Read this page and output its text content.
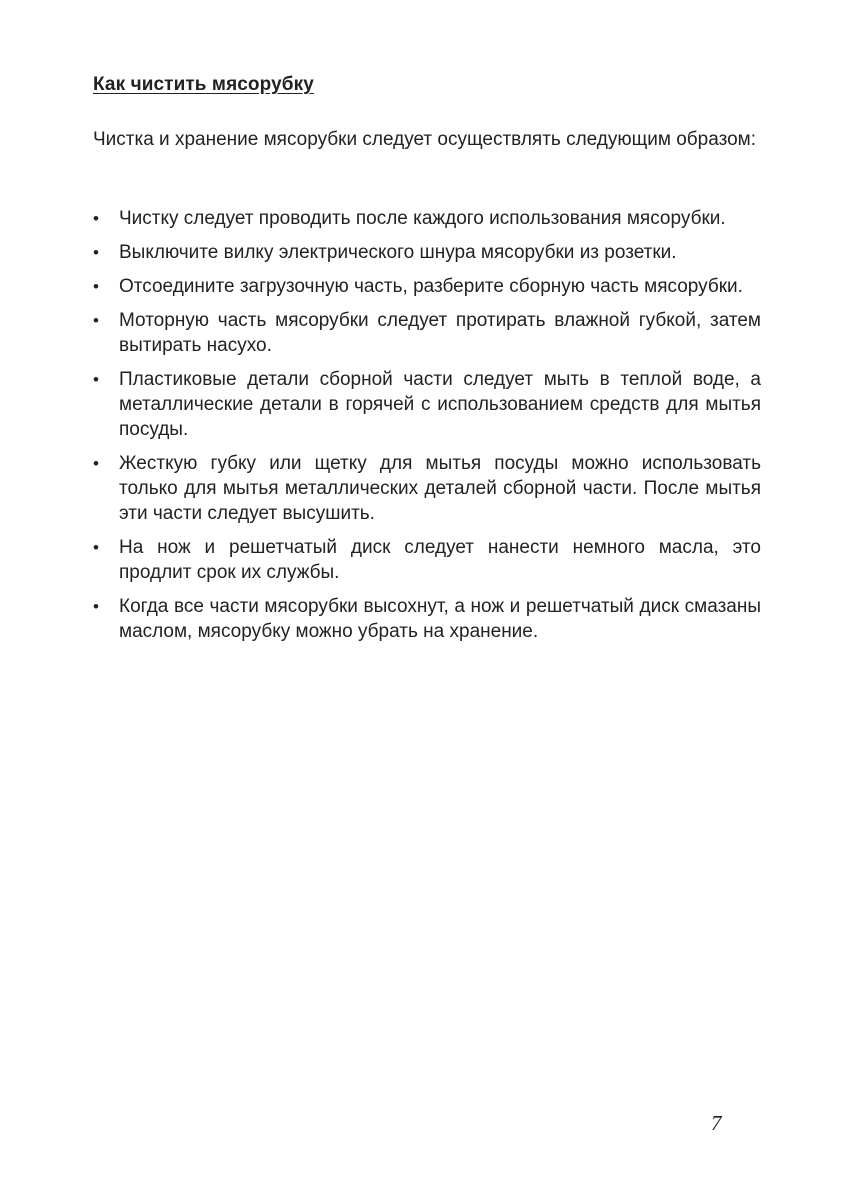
Как чистить мясорубку
Чистка и хранение мясорубки следует осуществлять следующим образом:
•	Чистку следует проводить после каждого использования мясорубки.
•	Выключите вилку электрического шнура мясорубки из розетки.
•	Отсоедините загрузочную часть, разберите сборную часть мясорубки.
•	Моторную часть мясорубки следует протирать влажной губкой, затем вытирать насухо.
•	Пластиковые детали сборной части следует мыть в теплой воде, а металлические детали в горячей с использованием средств для мытья посуды.
•	Жесткую губку или щетку для мытья посуды можно использовать только для мытья металлических деталей сборной части. После мытья эти части следует высушить.
•	На нож и решетчатый диск следует нанести немного масла, это продлит срок их службы.
•	Когда все части мясорубки высохнут, а нож и решетчатый диск смазаны маслом, мясорубку можно убрать на хранение.
7
